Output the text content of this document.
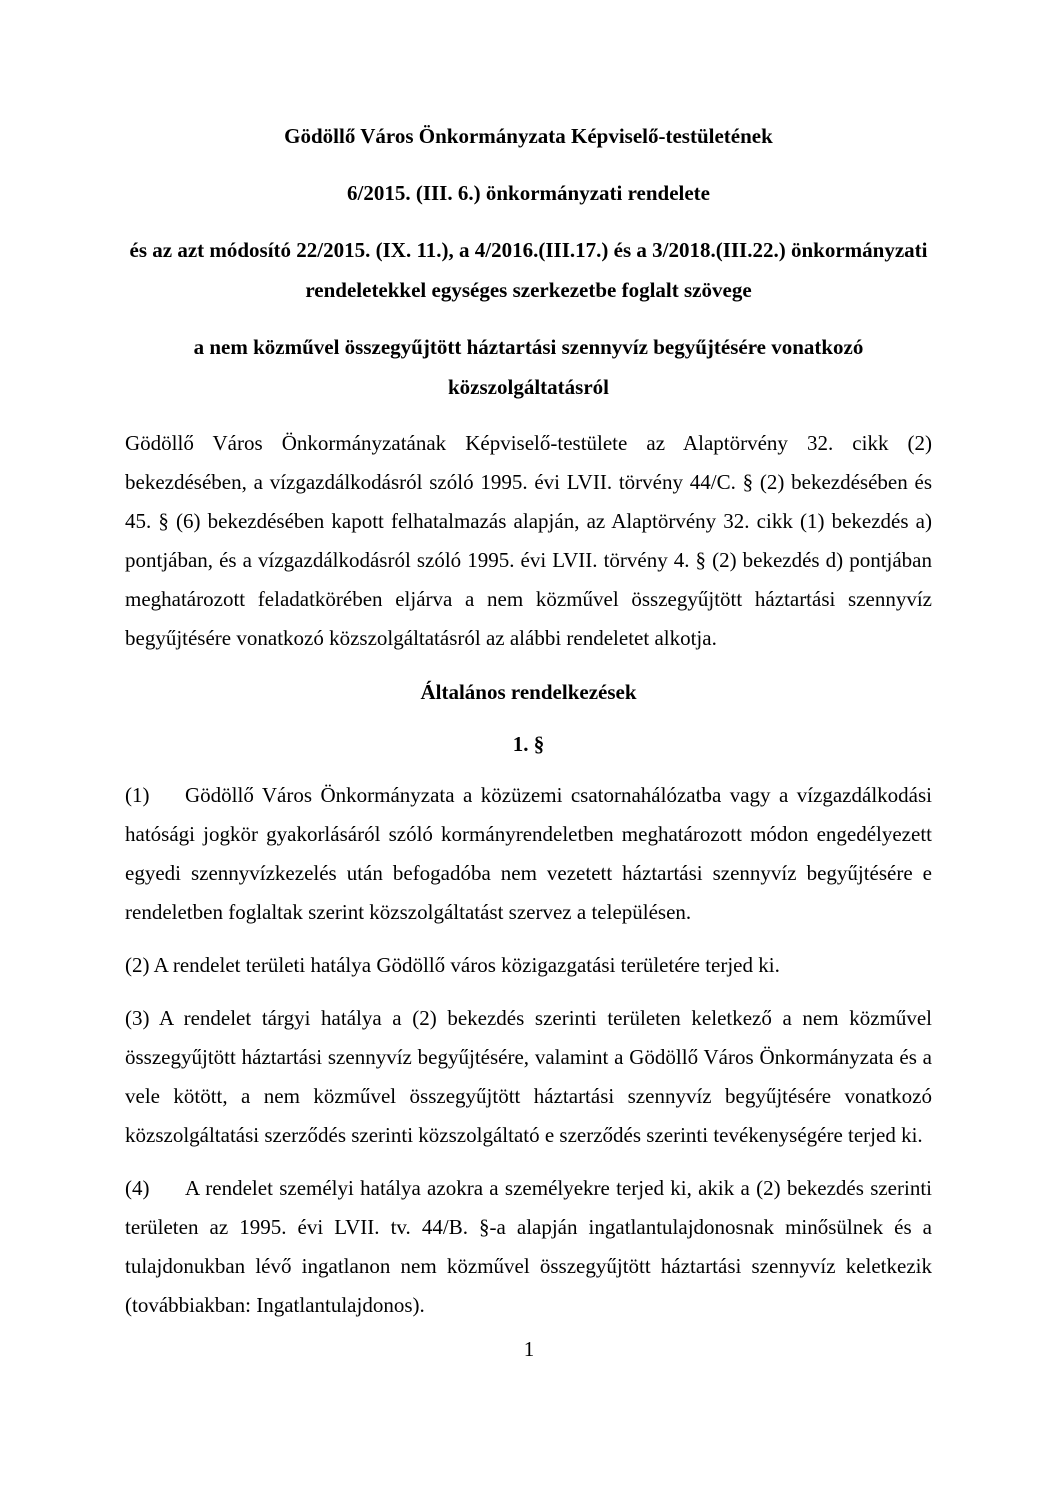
Gödöllő Város Önkormányzata Képviselő-testületének

6/2015. (III. 6.) önkormányzati rendelete

és az azt módosító 22/2015. (IX. 11.), a 4/2016.(III.17.) és a 3/2018.(III.22.) önkormányzati rendeletekkel egységes szerkezetbe foglalt szövege

a nem közművel összegyűjtött háztartási szennyvíz begyűjtésére vonatkozó közszolgáltatásról

Gödöllő Város Önkormányzatának Képviselő-testülete az Alaptörvény 32. cikk (2) bekezdésében, a vízgazdálkodásról szóló 1995. évi LVII. törvény 44/C. § (2) bekezdésében és 45. § (6) bekezdésében kapott felhatalmazás alapján, az Alaptörvény 32. cikk (1) bekezdés a) pontjában, és a vízgazdálkodásról szóló 1995. évi LVII. törvény 4. § (2) bekezdés d) pontjában meghatározott feladatkörében eljárva a nem közművel összegyűjtött háztartási szennyvíz begyűjtésére vonatkozó közszolgáltatásról az alábbi rendeletet alkotja.

Általános rendelkezések

1. §

(1) Gödöllő Város Önkormányzata a közüzemi csatornahálózatba vagy a vízgazdálkodási hatósági jogkör gyakorlásáról szóló kormányrendeletben meghatározott módon engedélyezett egyedi szennyvízkezelés után befogadóba nem vezetett háztartási szennyvíz begyűjtésére e rendeletben foglaltak szerint közszolgáltatást szervez a településen.

(2) A rendelet területi hatálya Gödöllő város közigazgatási területére terjed ki.

(3) A rendelet tárgyi hatálya a (2) bekezdés szerinti területen keletkező a nem közművel összegyűjtött háztartási szennyvíz begyűjtésére, valamint a Gödöllő Város Önkormányzata és a vele kötött, a nem közművel összegyűjtött háztartási szennyvíz begyűjtésére vonatkozó közszolgáltatási szerződés szerinti közszolgáltató e szerződés szerinti tevékenységére terjed ki.

(4) A rendelet személyi hatálya azokra a személyekre terjed ki, akik a (2) bekezdés szerinti területen az 1995. évi LVII. tv. 44/B. §-a alapján ingatlantulajdonosnak minősülnek és a tulajdonukban lévő ingatlanon nem közművel összegyűjtött háztartási szennyvíz keletkezik (továbbiakban: Ingatlantulajdonos).

1
